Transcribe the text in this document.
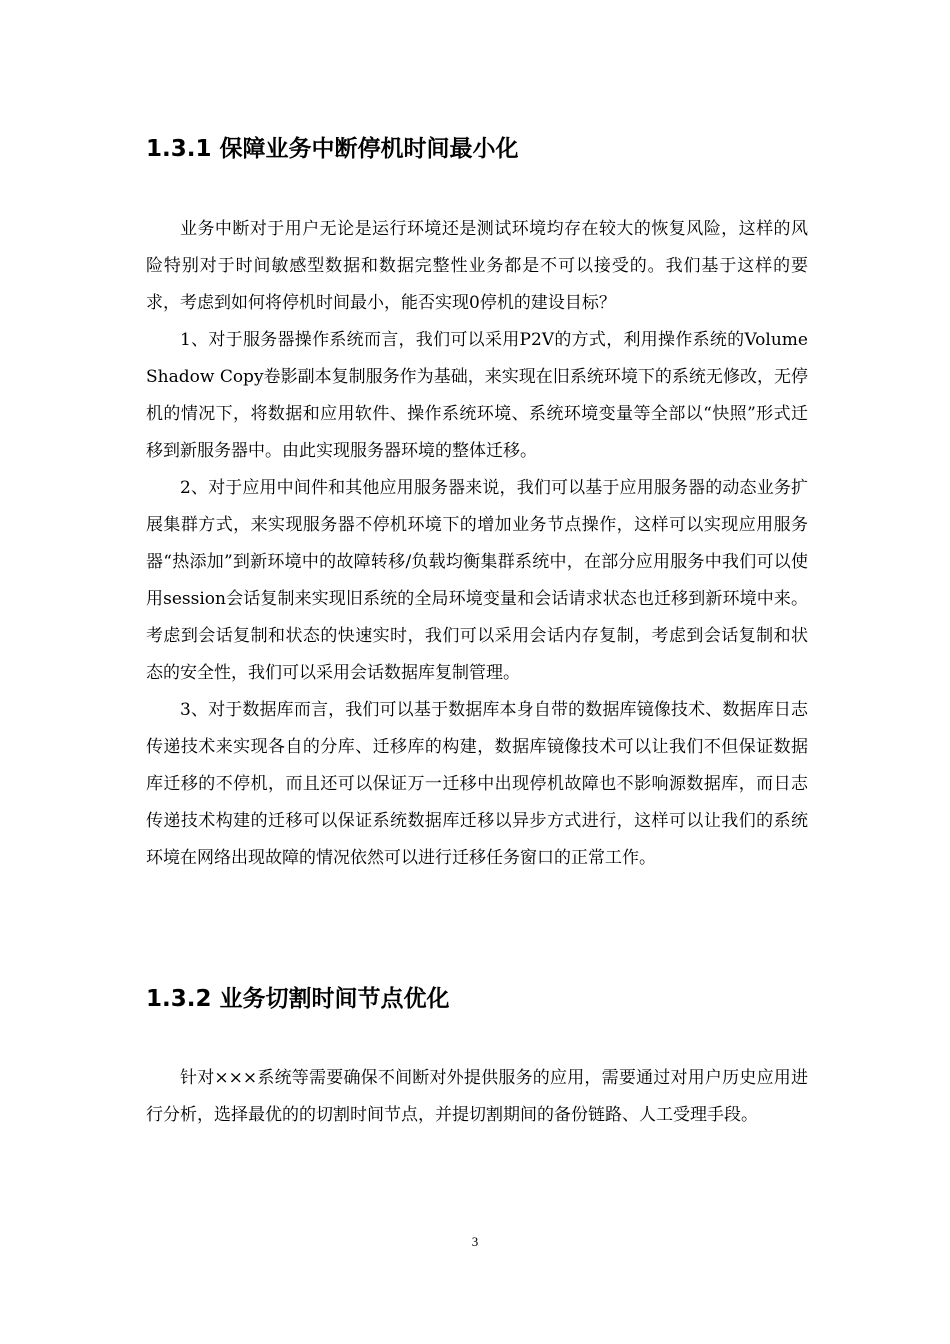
1.3.1 保障业务中断停机时间最小化

业务中断对于用户无论是运行环境还是测试环境均存在较大的恢复风险，这样的风险特别对于时间敏感型数据和数据完整性业务都是不可以接受的。我们基于这样的要求，考虑到如何将停机时间最小，能否实现0停机的建设目标？

1、对于服务器操作系统而言，我们可以采用P2V的方式，利用操作系统的Volume Shadow Copy卷影副本复制服务作为基础，来实现在旧系统环境下的系统无修改，无停机的情况下，将数据和应用软件、操作系统环境、系统环境变量等全部以“快照”形式迁移到新服务器中。由此实现服务器环境的整体迁移。

2、对于应用中间件和其他应用服务器来说，我们可以基于应用服务器的动态业务扩展集群方式，来实现服务器不停机环境下的增加业务节点操作，这样可以实现应用服务器“热添加”到新环境中的故障转移/负载均衡集群系统中，在部分应用服务中我们可以使用session会话复制来实现旧系统的全局环境变量和会话请求状态也迁移到新环境中来。考虑到会话复制和状态的快速实时，我们可以采用会话内存复制，考虑到会话复制和状态的安全性，我们可以采用会话数据库复制管理。

3、对于数据库而言，我们可以基于数据库本身自带的数据库镜像技术、数据库日志传递技术来实现各自的分库、迁移库的构建，数据库镜像技术可以让我们不但保证数据库迁移的不停机，而且还可以保证万一迁移中出现停机故障也不影响源数据库，而日志传递技术构建的迁移可以保证系统数据库迁移以异步方式进行，这样可以让我们的系统环境在网络出现故障的情况依然可以进行迁移任务窗口的正常工作。

1.3.2 业务切割时间节点优化

针对×××系统等需要确保不间断对外提供服务的应用，需要通过对用户历史应用进行分析，选择最优的的切割时间节点，并提切割期间的备份链路、人工受理手段。

3
